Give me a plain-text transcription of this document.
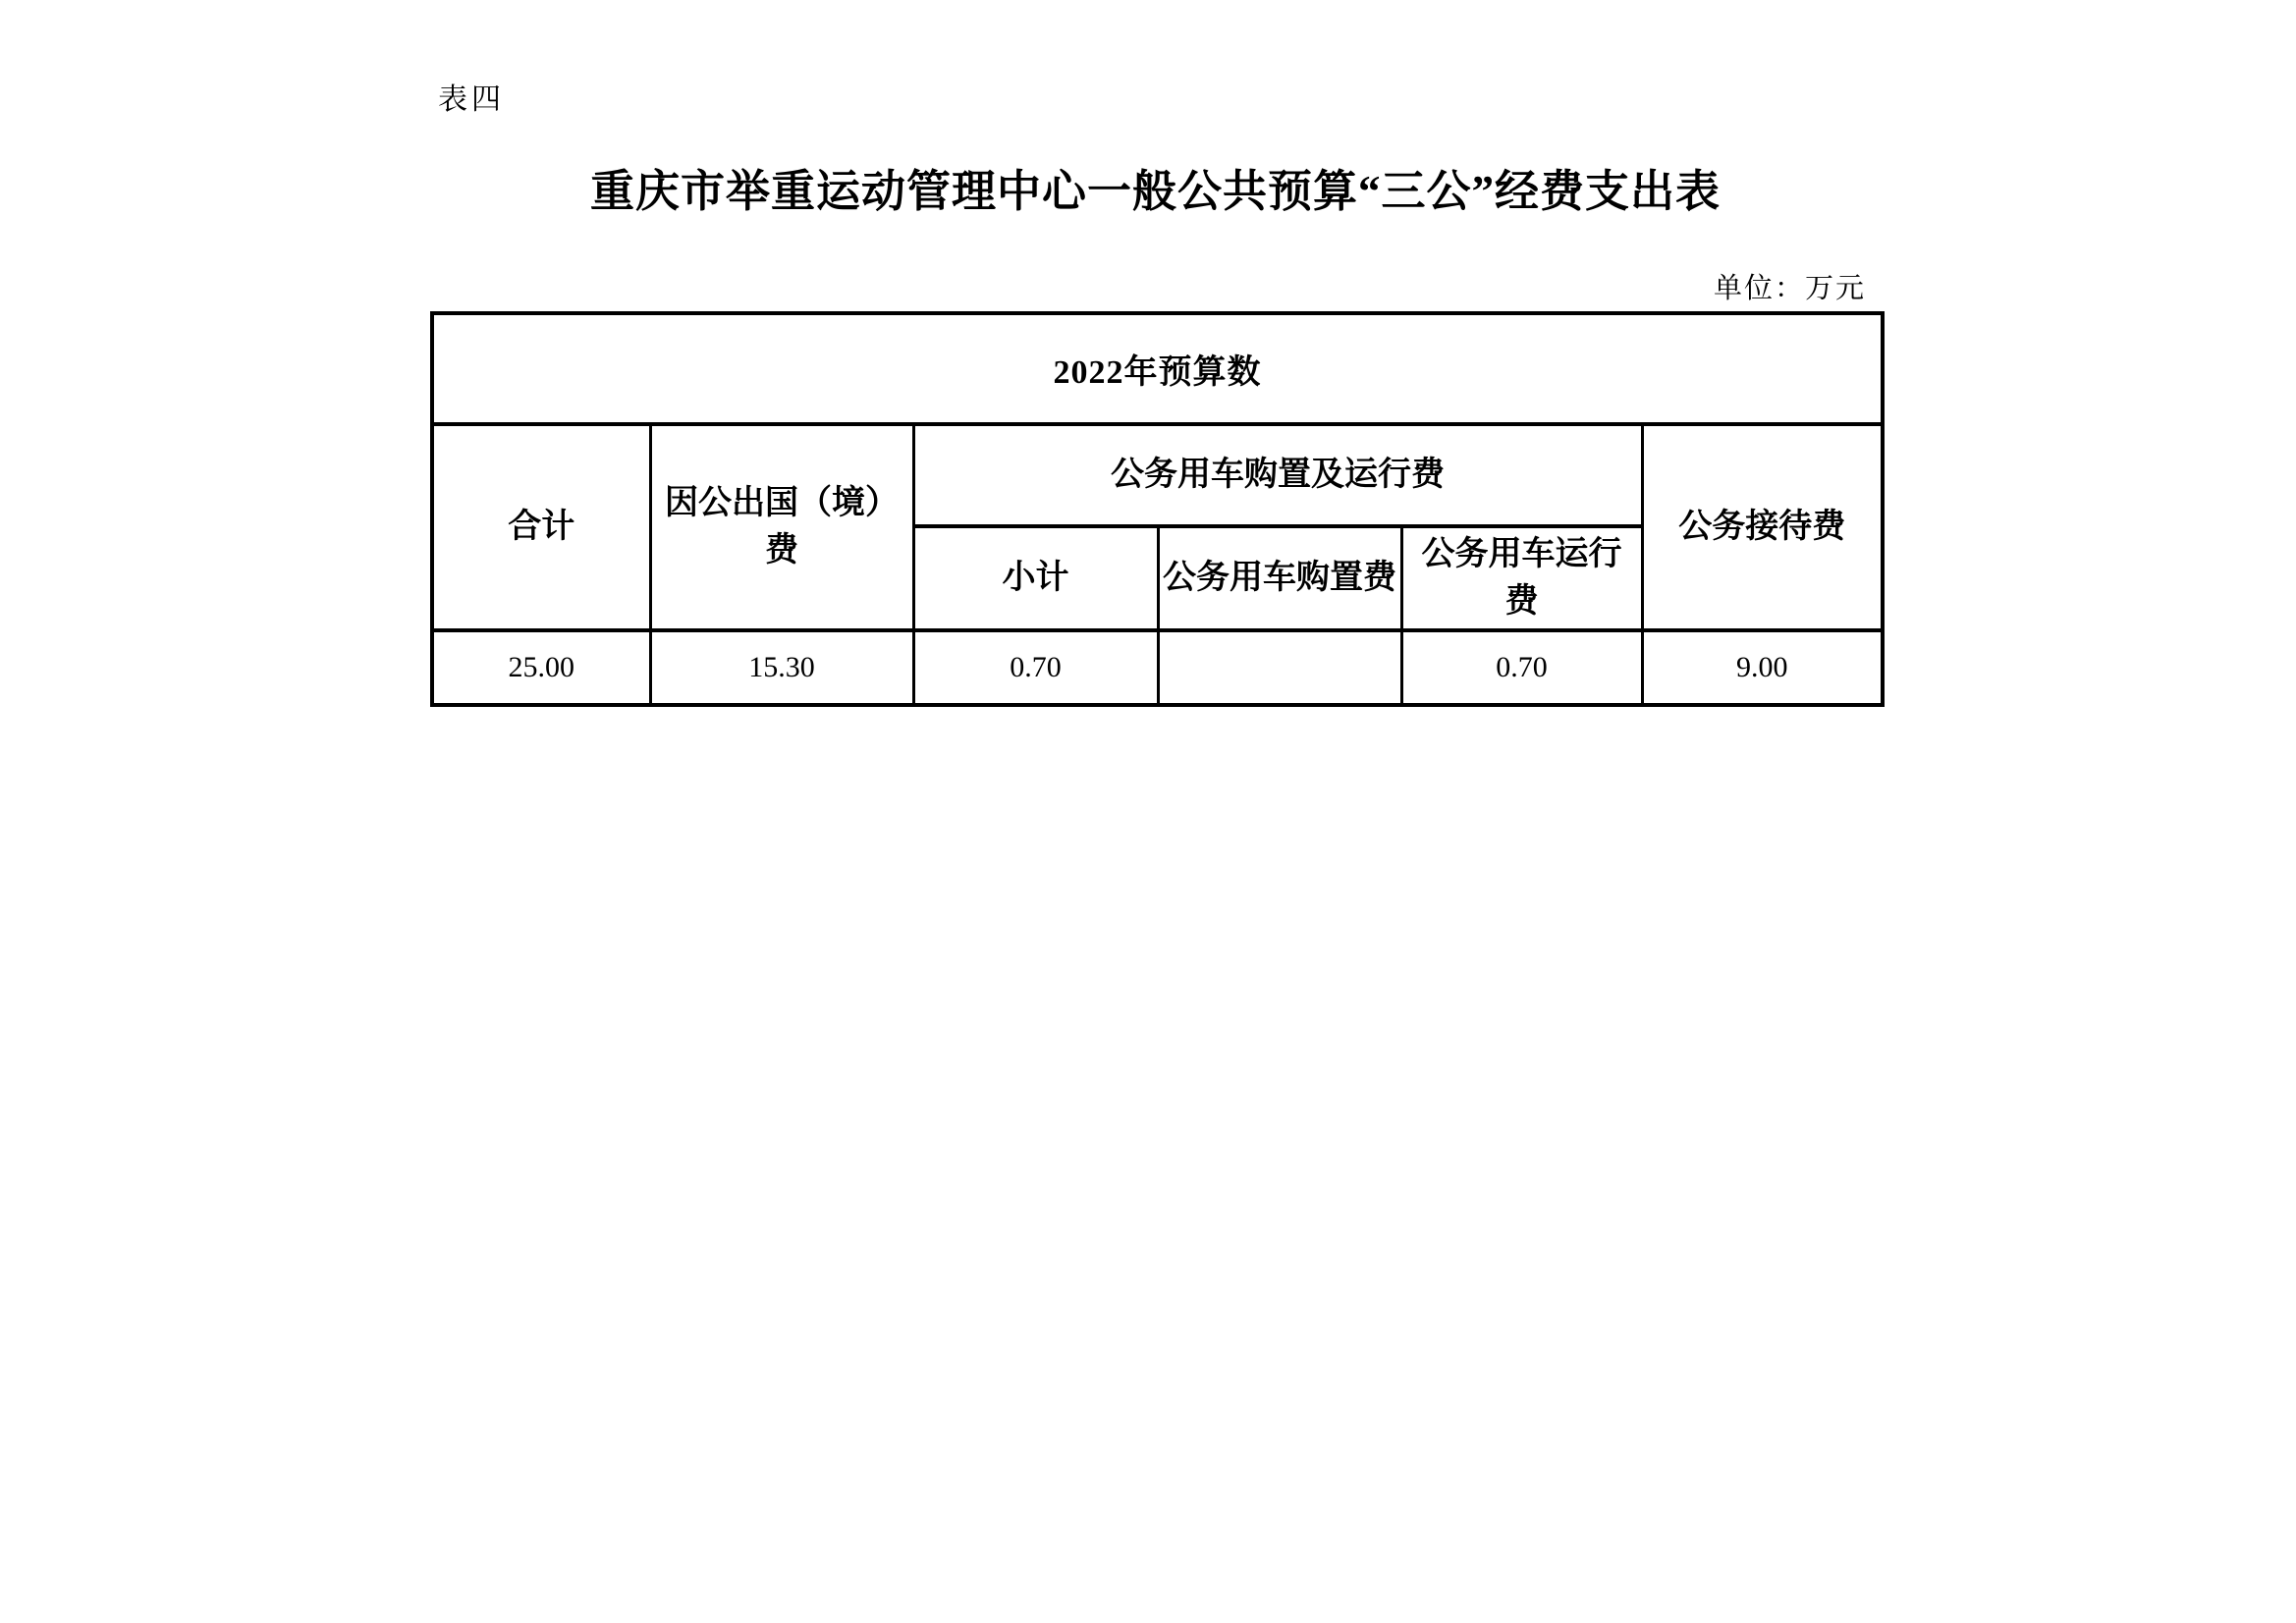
表四
重庆市举重运动管理中心一般公共预算“三公”经费支出表
单位：万元
2022年预算数					
合计	因公出国（境）费	公务用车购置及运行费			公务接待费
		小计	公务用车购置费	公务用车运行费	
25.00	15.30	0.70		0.70	9.00
